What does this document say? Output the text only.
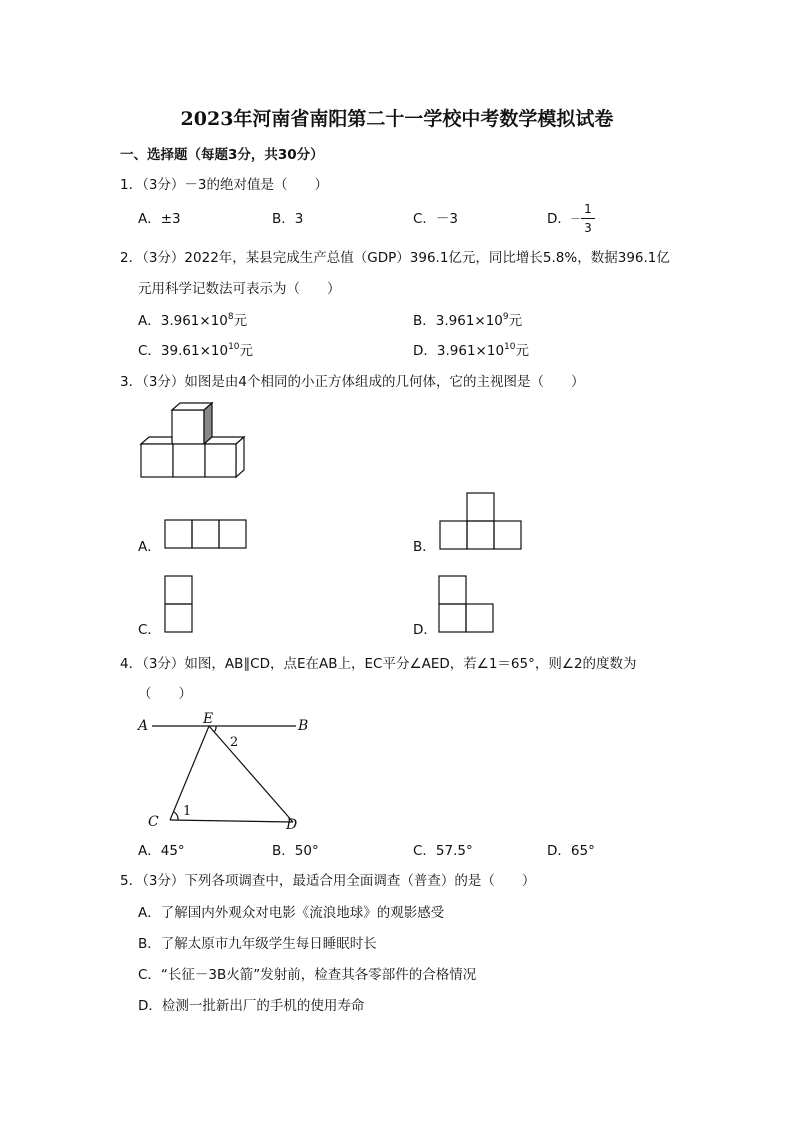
2023年河南省南阳第二十一学校中考数学模拟试卷
一、选择题（每题3分，共30分）
1．（3分）－3的绝对值是（　　）
A．±3	B．3	C．－3	D． －
1
3
2．（3分）2022年，某县完成生产总值（GDP）396.1亿元，同比增长5.8%，数据396.1亿
元用科学记数法可表示为（　　）
A．$3.961\times 10^8$元	B．$3.961\times 10^9$元
C．$39.61\times 10^{10}$元	D．$3.961\times 10^{10}$元
3．（3分）如图是由4个相同的小正方体组成的几何体，它的主视图是（　　）
A．	B．
C．	D．
4．（3分）如图，AB∥CD，点E在AB上，EC平分∠AED，若∠1＝65°，则∠2的度数为
（　　）
A	B
C	D
E
1
2
A．45°	B．50°	C．57.5°	D．65°
5．（3分）下列各项调查中，最适合用全面调查（普查）的是（　　）
A．了解国内外观众对电影《流浪地球》的观影感受
B．了解太原市九年级学生每日睡眠时长
C．“长征－3B火箭”发射前，检查其各零部件的合格情况
D．检测一批新出厂的手机的使用寿命
